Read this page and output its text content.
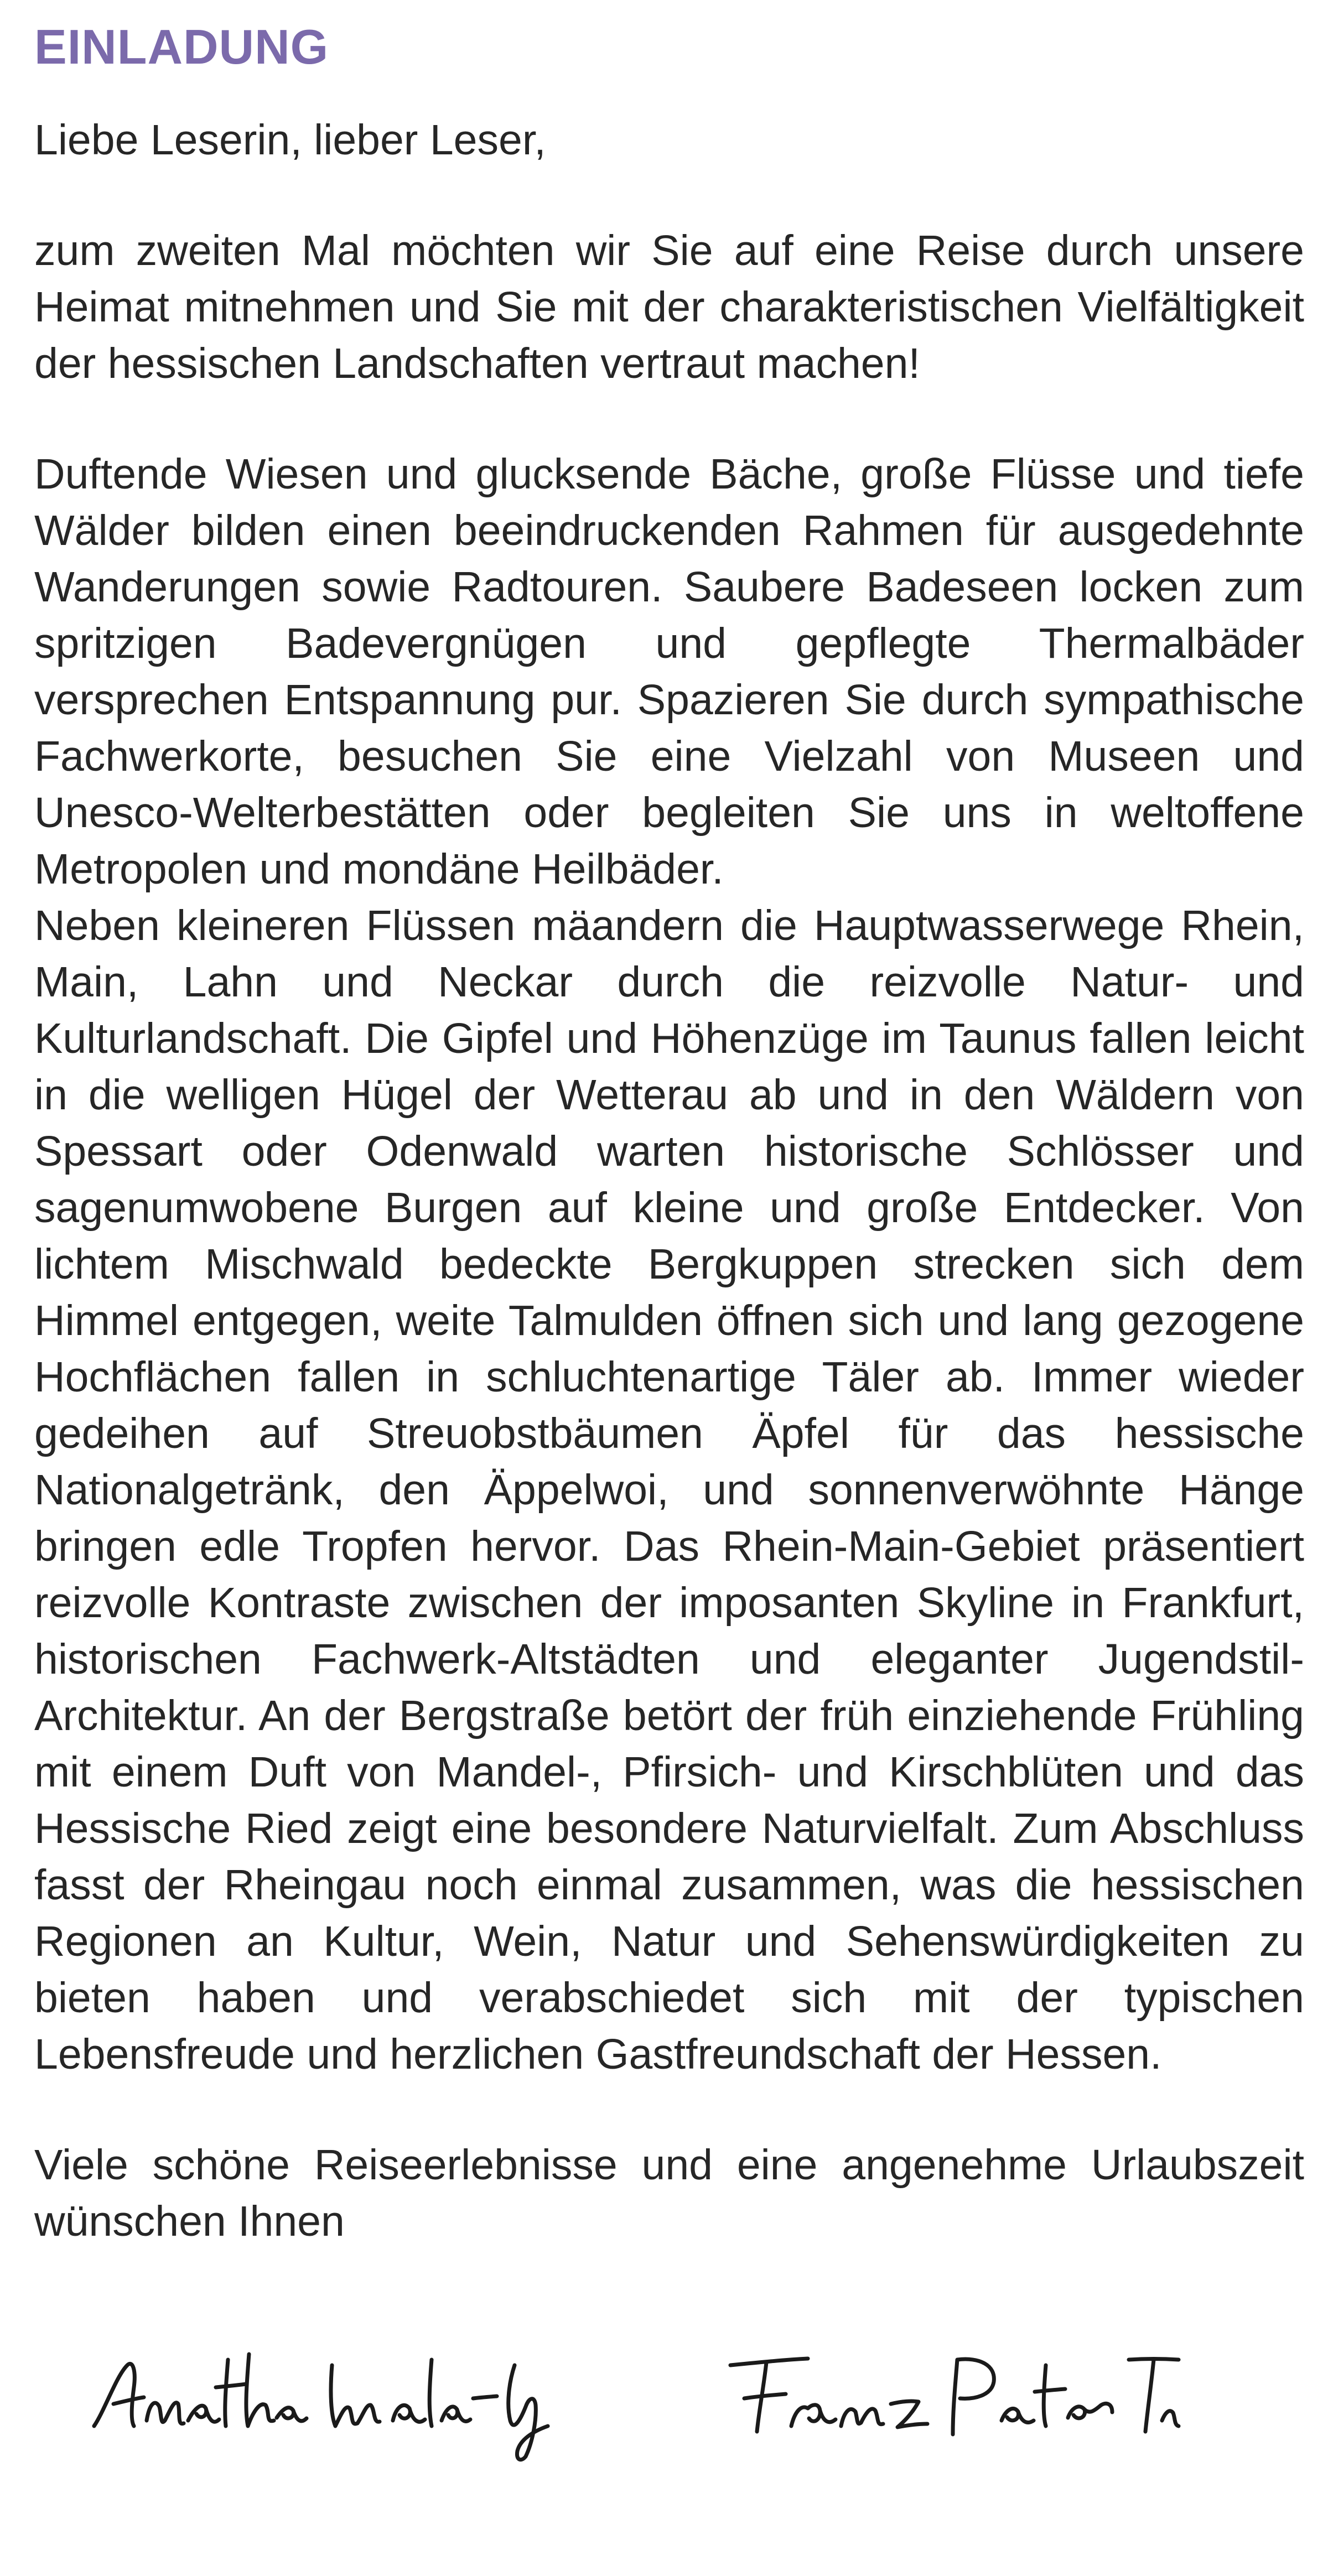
EINLADUNG

Liebe Leserin, lieber Leser,

zum zweiten Mal möchten wir Sie auf eine Reise durch unsere Heimat mitnehmen und Sie mit der charakteristischen Vielfältigkeit der hessischen Landschaften vertraut machen!

Duftende Wiesen und glucksende Bäche, große Flüsse und tiefe Wälder bilden einen beeindruckenden Rahmen für ausgedehnte Wanderungen sowie Radtouren. Saubere Badeseen locken zum spritzigen Badevergnügen und gepflegte Thermalbäder versprechen Entspannung pur. Spazieren Sie durch sympathische Fachwerkorte, besuchen Sie eine Vielzahl von Museen und Unesco-Welterbestätten oder begleiten Sie uns in weltoffene Metropolen und mondäne Heilbäder.

Neben kleineren Flüssen mäandern die Hauptwasserwege Rhein, Main, Lahn und Neckar durch die reizvolle Natur- und Kulturlandschaft. Die Gipfel und Höhenzüge im Taunus fallen leicht in die welligen Hügel der Wetterau ab und in den Wäldern von Spessart oder Odenwald warten historische Schlösser und sagenumwobene Burgen auf kleine und große Entdecker. Von lichtem Mischwald bedeckte Bergkuppen strecken sich dem Himmel entgegen, weite Talmulden öffnen sich und lang gezogene Hochflächen fallen in schluchtenartige Täler ab. Immer wieder gedeihen auf Streuobstbäumen Äpfel für das hessische Nationalgetränk, den Äppelwoi, und sonnenverwöhnte Hänge bringen edle Tropfen hervor. Das Rhein-Main-Gebiet präsentiert reizvolle Kontraste zwischen der imposanten Skyline in Frankfurt, historischen Fachwerk-Altstädten und eleganter Jugendstil-Architektur. An der Bergstraße betört der früh einziehende Frühling mit einem Duft von Mandel-, Pfirsich- und Kirschblüten und das Hessische Ried zeigt eine besondere Naturvielfalt. Zum Abschluss fasst der Rheingau noch einmal zusammen, was die hessischen Regionen an Kultur, Wein, Natur und Sehenswürdigkeiten zu bieten haben und verabschiedet sich mit der typischen Lebensfreude und herzlichen Gastfreundschaft der Hessen.

Viele schöne Reiseerlebnisse und eine angenehme Urlaubszeit wünschen Ihnen
